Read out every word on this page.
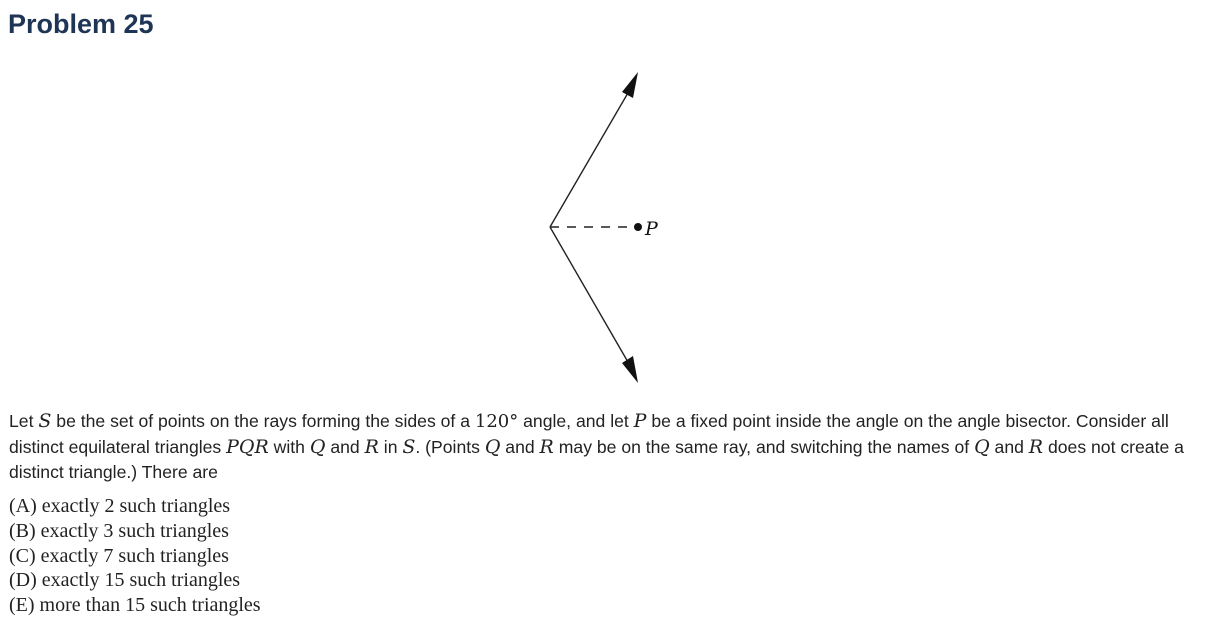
Problem 25
P

Let S be the set of points on the rays forming the sides of a 120° angle, and let P be a fixed point inside the angle on the angle bisector. Consider all distinct equilateral triangles PQR with Q and R in S. (Points Q and R may be on the same ray, and switching the names of Q and R does not create a distinct triangle.) There are

(A) exactly 2 such triangles
(B) exactly 3 such triangles
(C) exactly 7 such triangles
(D) exactly 15 such triangles
(E) more than 15 such triangles
